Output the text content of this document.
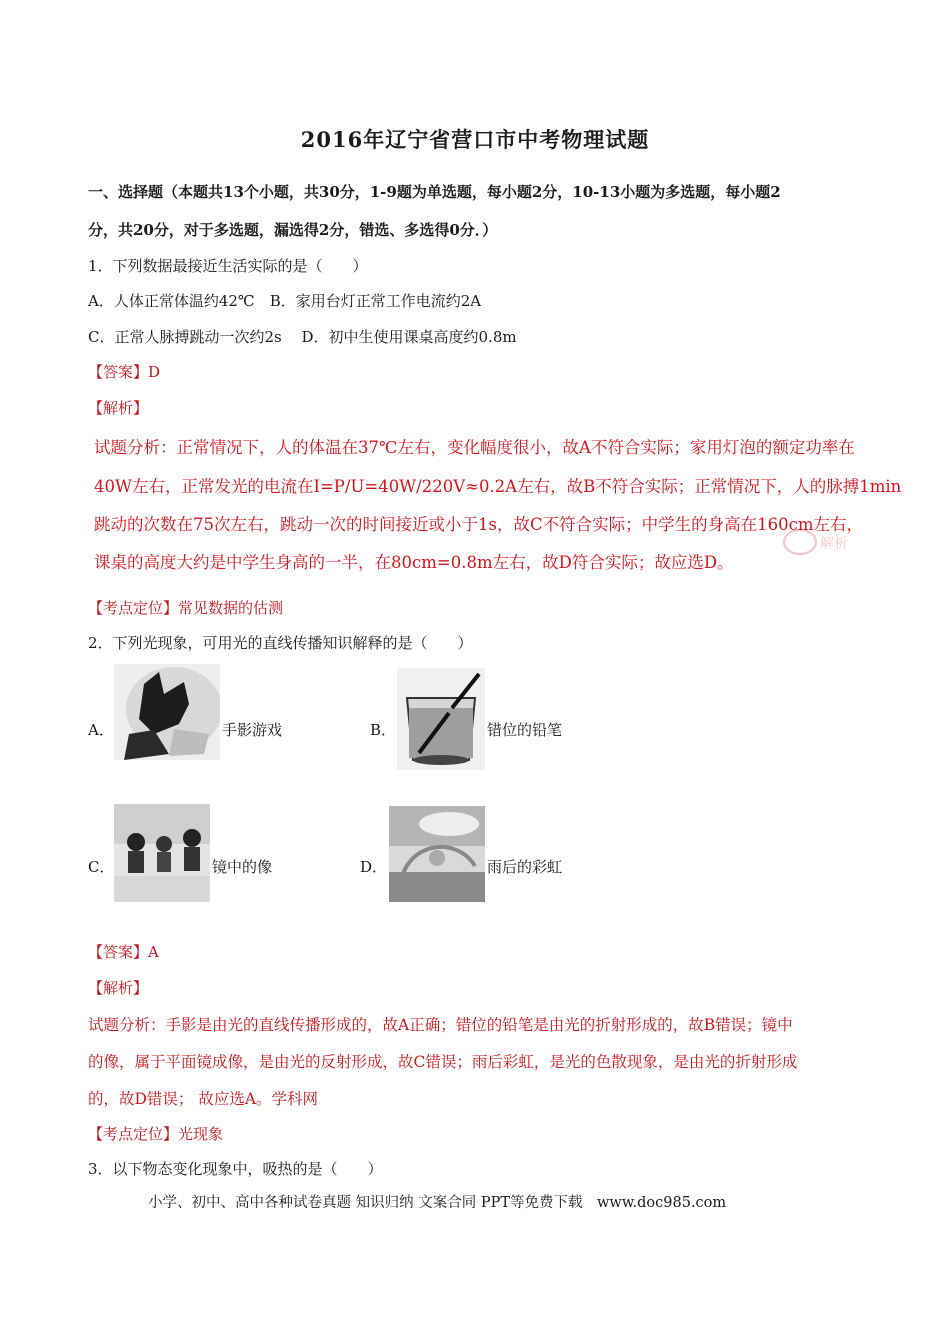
2016年辽宁省营口市中考物理试题
一、选择题（本题共13个小题，共30分，1-9题为单选题，每小题2分，10-13小题为多选题，每小题2
分，共20分，对于多选题，漏选得2分，错选、多选得0分．）
1．下列数据最接近生活实际的是（　　）
A．人体正常体温约42℃　B．家用台灯正常工作电流约2A
C．正常人脉搏跳动一次约2s　 D．初中生使用课桌高度约0.8m
【答案】D
【解析】
试题分析：正常情况下，人的体温在37℃左右，变化幅度很小，故A不符合实际；家用灯泡的额定功率在
40W左右，正常发光的电流在I=P/U=40W/220V≈0.2A左右，故B不符合实际；正常情况下，人的脉搏1min
跳动的次数在75次左右，跳动一次的时间接近或小于1s，故C不符合实际；中学生的身高在160cm左右，
课桌的高度大约是中学生身高的一半，在80cm=0.8m左右，故D符合实际；故应选D。
解析
【考点定位】常见数据的估测
2．下列光现象，可用光的直线传播知识解释的是（　　）
A．	手影游戏	B．	错位的铅笔
C．	镜中的像	D．	雨后的彩虹
【答案】A
【解析】
试题分析：手影是由光的直线传播形成的，故A正确；错位的铅笔是由光的折射形成的，故B错误；镜中
的像，属于平面镜成像，是由光的反射形成，故C错误；雨后彩虹，是光的色散现象，是由光的折射形成
的，故D错误； 故应选A。学科网
【考点定位】光现象
3．以下物态变化现象中，吸热的是（　　）
小学、初中、高中各种试卷真题 知识归纳 文案合同 PPT等免费下载　www.doc985.com
